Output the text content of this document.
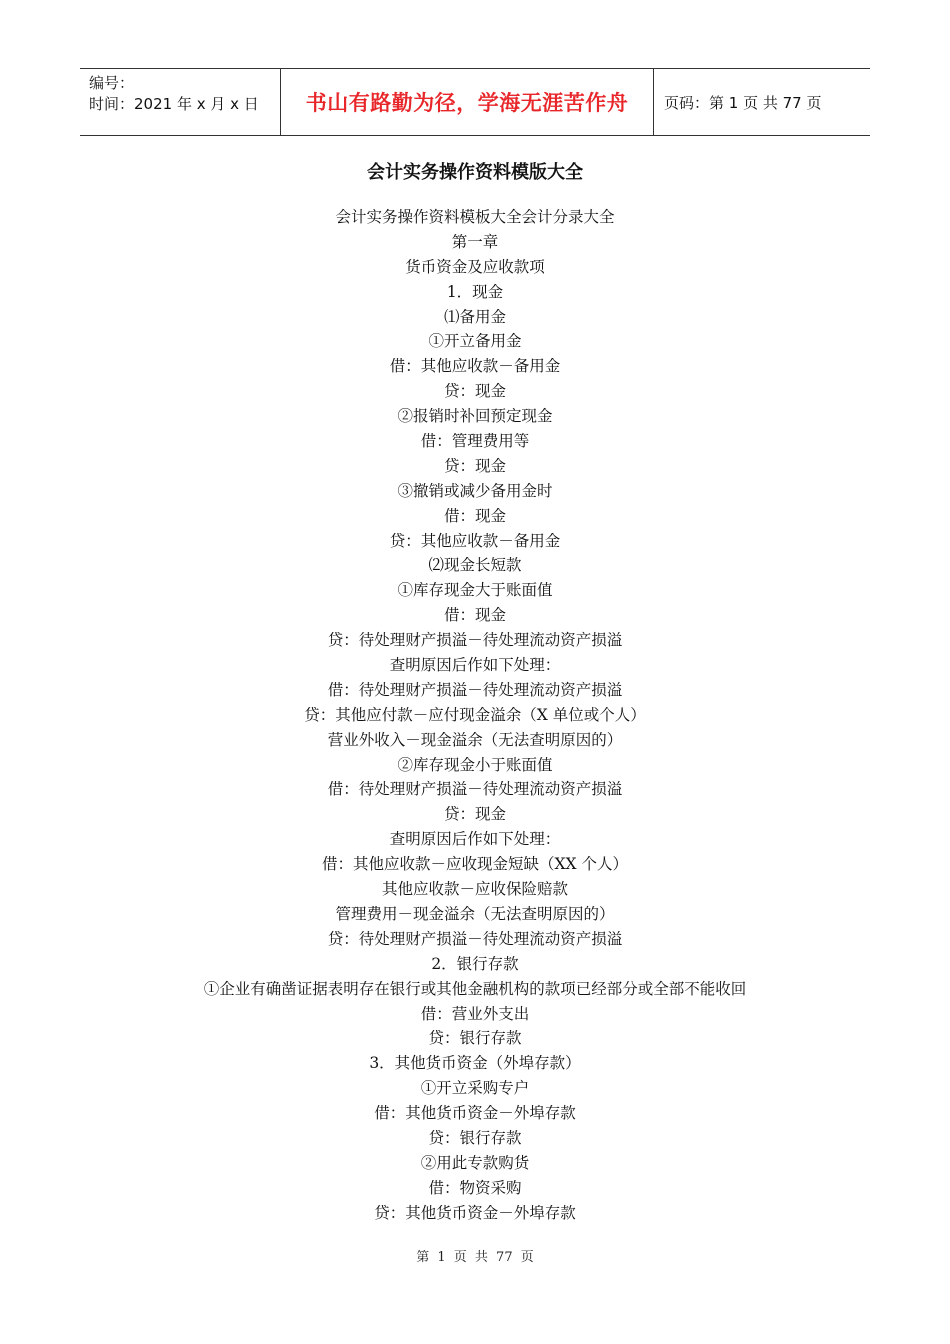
编号：
时间：2021 年 x 月 x 日	书山有路勤为径，学海无涯苦作舟	页码：第 1 页 共 77 页
会计实务操作资料模版大全
会计实务操作资料模板大全会计分录大全
第一章
货币资金及应收款项
1．现金
⑴备用金
①开立备用金
借：其他应收款－备用金
贷：现金
②报销时补回预定现金
借：管理费用等
贷：现金
③撤销或减少备用金时
借：现金
贷：其他应收款－备用金
⑵现金长短款
①库存现金大于账面值
借：现金
贷：待处理财产损溢－待处理流动资产损溢
查明原因后作如下处理：
借：待处理财产损溢－待处理流动资产损溢
贷：其他应付款－应付现金溢余（X 单位或个人）
营业外收入－现金溢余（无法查明原因的）
②库存现金小于账面值
借：待处理财产损溢－待处理流动资产损溢
贷：现金
查明原因后作如下处理：
借：其他应收款－应收现金短缺（XX 个人）
其他应收款－应收保险赔款
管理费用－现金溢余（无法查明原因的）
贷：待处理财产损溢－待处理流动资产损溢
2．银行存款
①企业有确凿证据表明存在银行或其他金融机构的款项已经部分或全部不能收回
借：营业外支出
贷：银行存款
3．其他货币资金（外埠存款）
①开立采购专户
借：其他货币资金－外埠存款
贷：银行存款
②用此专款购货
借：物资采购
贷：其他货币资金－外埠存款
第 1 页 共 77 页
